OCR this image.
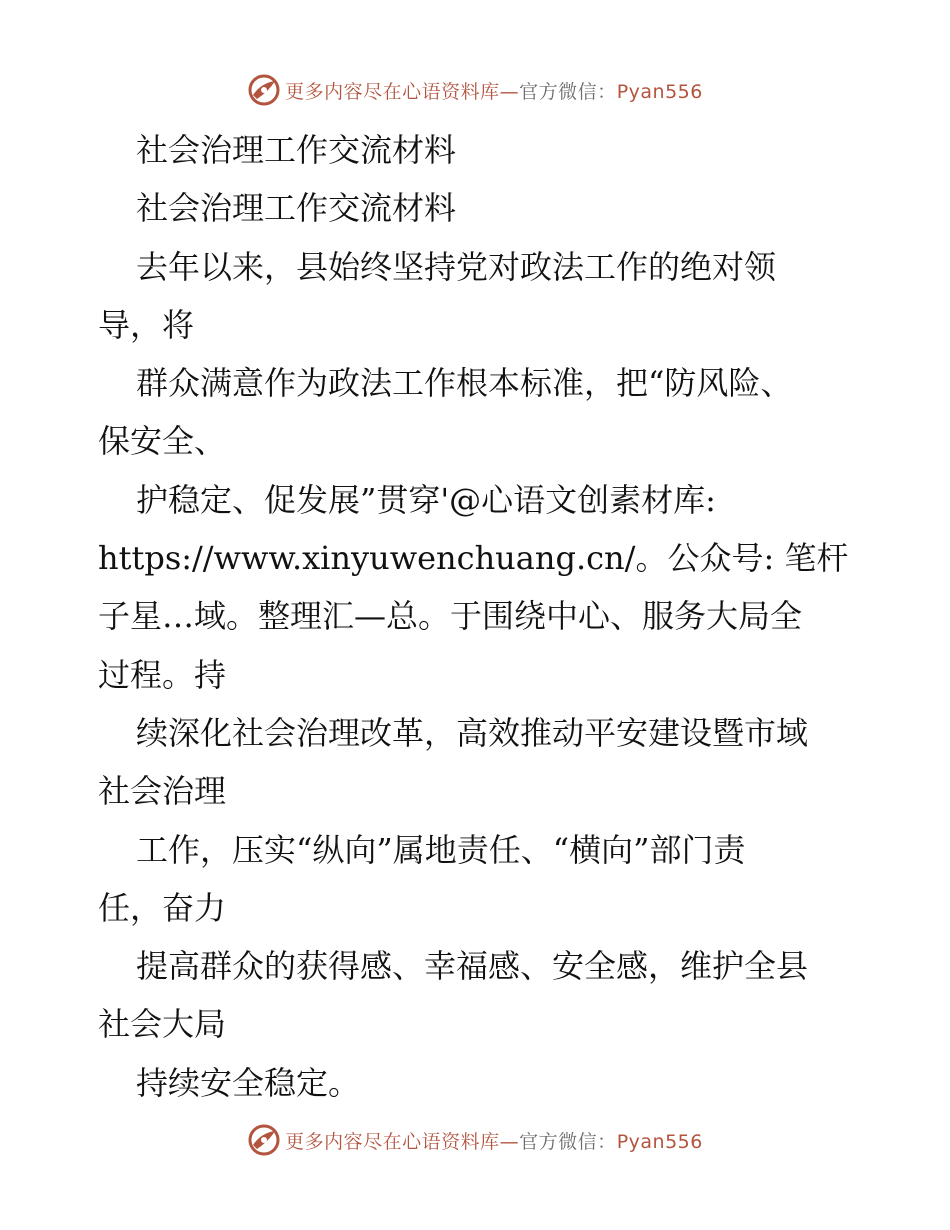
更多内容尽在心语资料库—官方微信：Pyan556
社会治理工作交流材料
社会治理工作交流材料
去年以来，县始终坚持党对政法工作的绝对领
导，将
群众满意作为政法工作根本标准，把“防风险、
保安全、
护稳定、促发展”贯穿'@心语文创素材库:
https://www.xinyuwenchuang.cn/。公众号: 笔杆
子星…域。整理汇—总。于围绕中心、服务大局全
过程。持
续深化社会治理改革，高效推动平安建设暨市域
社会治理
工作，压实“纵向”属地责任、“横向”部门责
任，奋力
提高群众的获得感、幸福感、安全感，维护全县
社会大局
持续安全稳定。
更多内容尽在心语资料库—官方微信：Pyan556
